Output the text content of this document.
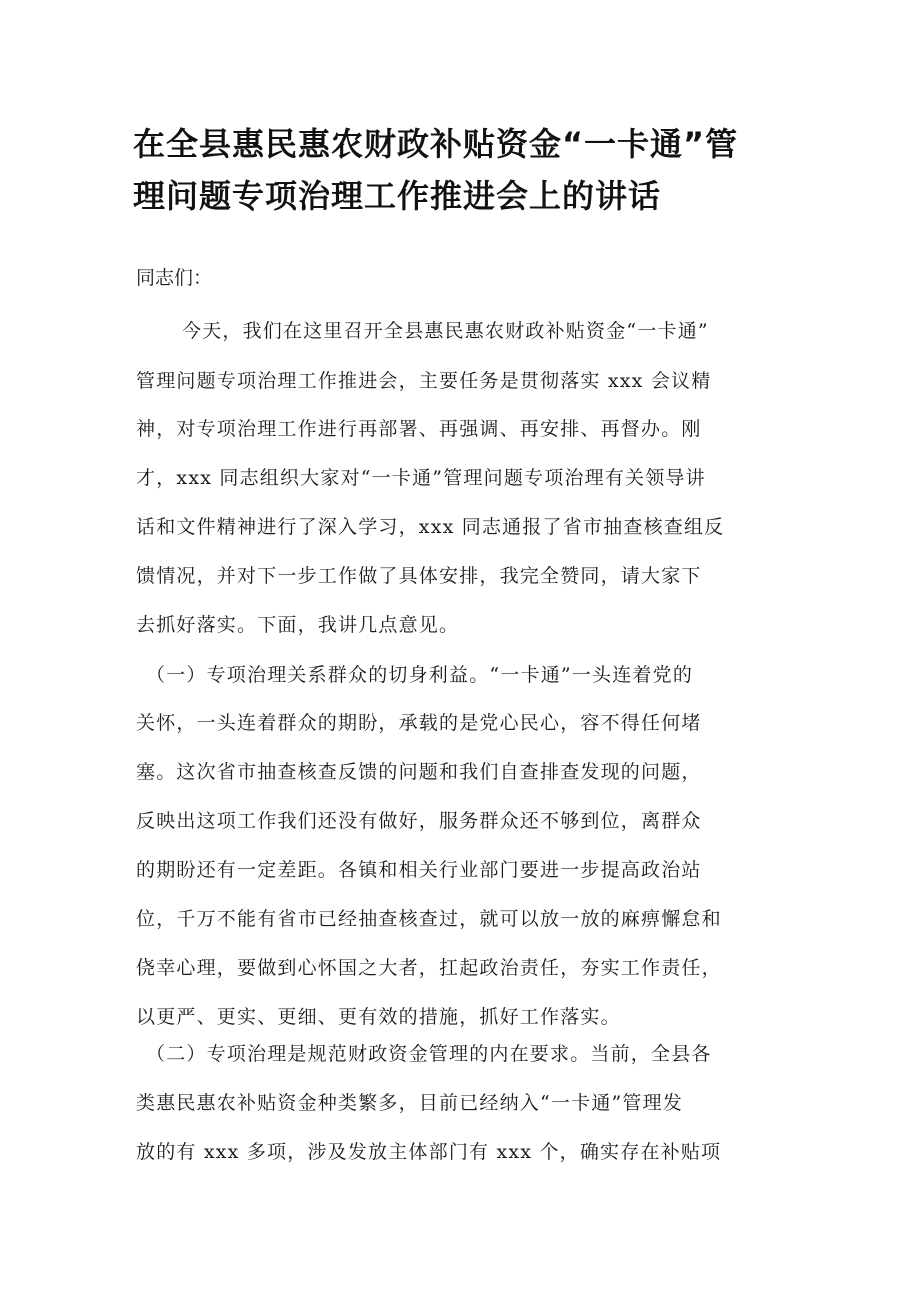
在全县惠民惠农财政补贴资金“一卡通”管
理问题专项治理工作推进会上的讲话
同志们：
今天，我们在这里召开全县惠民惠农财政补贴资金“一卡通”
管理问题专项治理工作推进会，主要任务是贯彻落实 xxx 会议精
神，对专项治理工作进行再部署、再强调、再安排、再督办。刚
才，xxx 同志组织大家对“一卡通”管理问题专项治理有关领导讲
话和文件精神进行了深入学习，xxx 同志通报了省市抽查核查组反
馈情况，并对下一步工作做了具体安排，我完全赞同，请大家下
去抓好落实。下面，我讲几点意见。
（一）专项治理关系群众的切身利益。“一卡通”一头连着党的
关怀，一头连着群众的期盼，承载的是党心民心，容不得任何堵
塞。这次省市抽查核查反馈的问题和我们自查排查发现的问题，
反映出这项工作我们还没有做好，服务群众还不够到位，离群众
的期盼还有一定差距。各镇和相关行业部门要进一步提高政治站
位，千万不能有省市已经抽查核查过，就可以放一放的麻痹懈怠和
侥幸心理，要做到心怀国之大者，扛起政治责任，夯实工作责任，
以更严、更实、更细、更有效的措施，抓好工作落实。
（二）专项治理是规范财政资金管理的内在要求。当前，全县各
类惠民惠农补贴资金种类繁多，目前已经纳入“一卡通”管理发
放的有 xxx 多项，涉及发放主体部门有 xxx 个，确实存在补贴项
